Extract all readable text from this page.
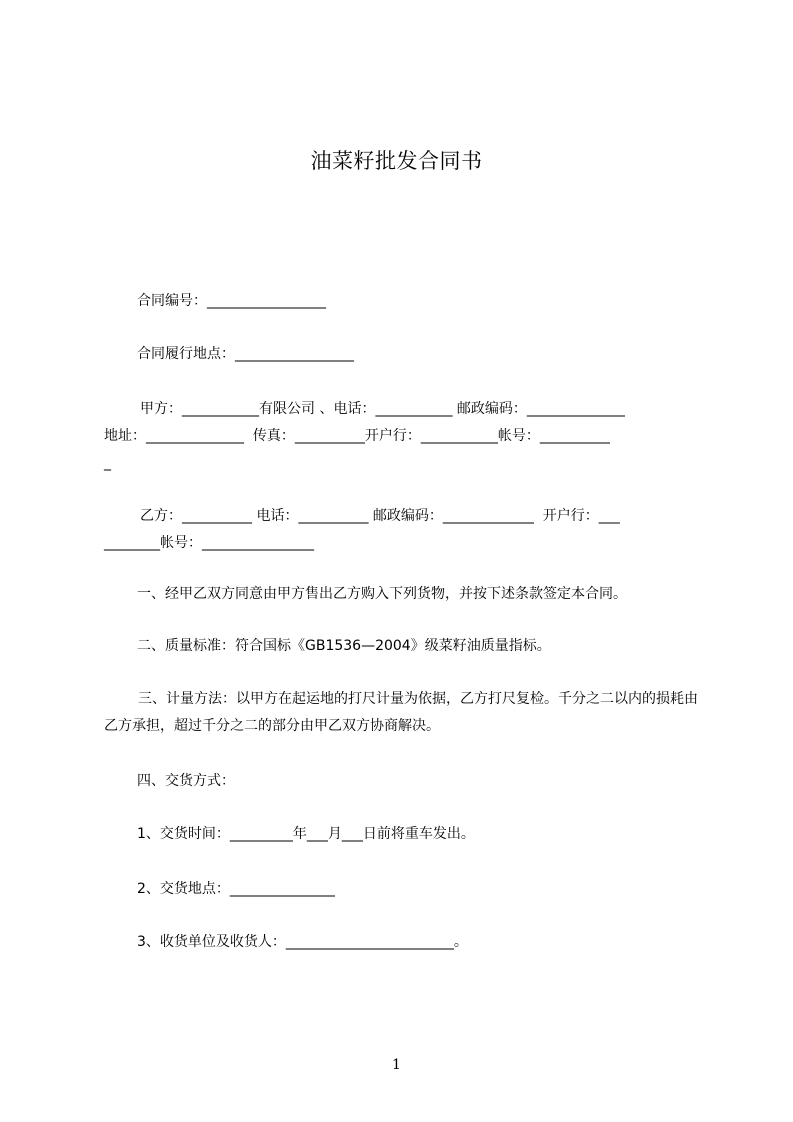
油菜籽批发合同书
合同编号：_________________
合同履行地点：_________________
甲方：___________有限公司 、电话：___________ 邮政编码：______________
地址：______________  传真：__________开户行：___________帐号：__________
_
乙方：__________ 电话：__________ 邮政编码：_____________  开户行：___
________帐号：________________
一、经甲乙双方同意由甲方售出乙方购入下列货物，并按下述条款签定本合同。
二、质量标准：符合国标《GB1536—2004》级菜籽油质量指标。
三、计量方法：以甲方在起运地的打尺计量为依据，乙方打尺复检。千分之二以内的损耗由乙方承担，超过千分之二的部分由甲乙双方协商解决。
四、交货方式：
1、交货时间：_________年___月___日前将重车发出。
2、交货地点：_______________
3、收货单位及收货人：________________________。
1
